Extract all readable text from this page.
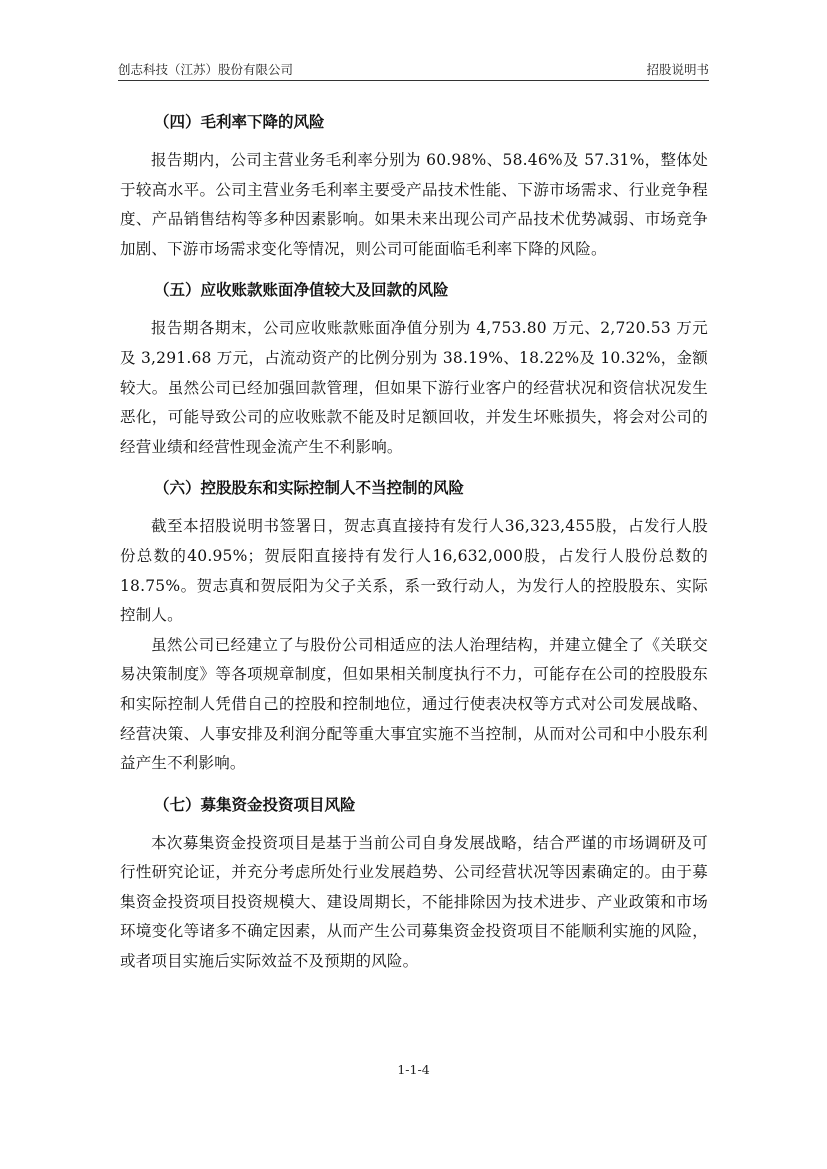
创志科技（江苏）股份有限公司	招股说明书
（四）毛利率下降的风险

报告期内，公司主营业务毛利率分别为 60.98%、58.46%及 57.31%，整体处于较高水平。公司主营业务毛利率主要受产品技术性能、下游市场需求、行业竞争程度、产品销售结构等多种因素影响。如果未来出现公司产品技术优势减弱、市场竞争加剧、下游市场需求变化等情况，则公司可能面临毛利率下降的风险。

（五）应收账款账面净值较大及回款的风险

报告期各期末，公司应收账款账面净值分别为 4,753.80 万元、2,720.53 万元及 3,291.68 万元，占流动资产的比例分别为 38.19%、18.22%及 10.32%，金额较大。虽然公司已经加强回款管理，但如果下游行业客户的经营状况和资信状况发生恶化，可能导致公司的应收账款不能及时足额回收，并发生坏账损失，将会对公司的经营业绩和经营性现金流产生不利影响。

（六）控股股东和实际控制人不当控制的风险

截至本招股说明书签署日，贺志真直接持有发行人36,323,455股，占发行人股份总数的40.95%；贺辰阳直接持有发行人16,632,000股，占发行人股份总数的18.75%。贺志真和贺辰阳为父子关系，系一致行动人，为发行人的控股股东、实际控制人。

虽然公司已经建立了与股份公司相适应的法人治理结构，并建立健全了《关联交易决策制度》等各项规章制度，但如果相关制度执行不力，可能存在公司的控股股东和实际控制人凭借自己的控股和控制地位，通过行使表决权等方式对公司发展战略、经营决策、人事安排及利润分配等重大事宜实施不当控制，从而对公司和中小股东利益产生不利影响。

（七）募集资金投资项目风险

本次募集资金投资项目是基于当前公司自身发展战略，结合严谨的市场调研及可行性研究论证，并充分考虑所处行业发展趋势、公司经营状况等因素确定的。由于募集资金投资项目投资规模大、建设周期长，不能排除因为技术进步、产业政策和市场环境变化等诸多不确定因素，从而产生公司募集资金投资项目不能顺利实施的风险，或者项目实施后实际效益不及预期的风险。

1-1-4
